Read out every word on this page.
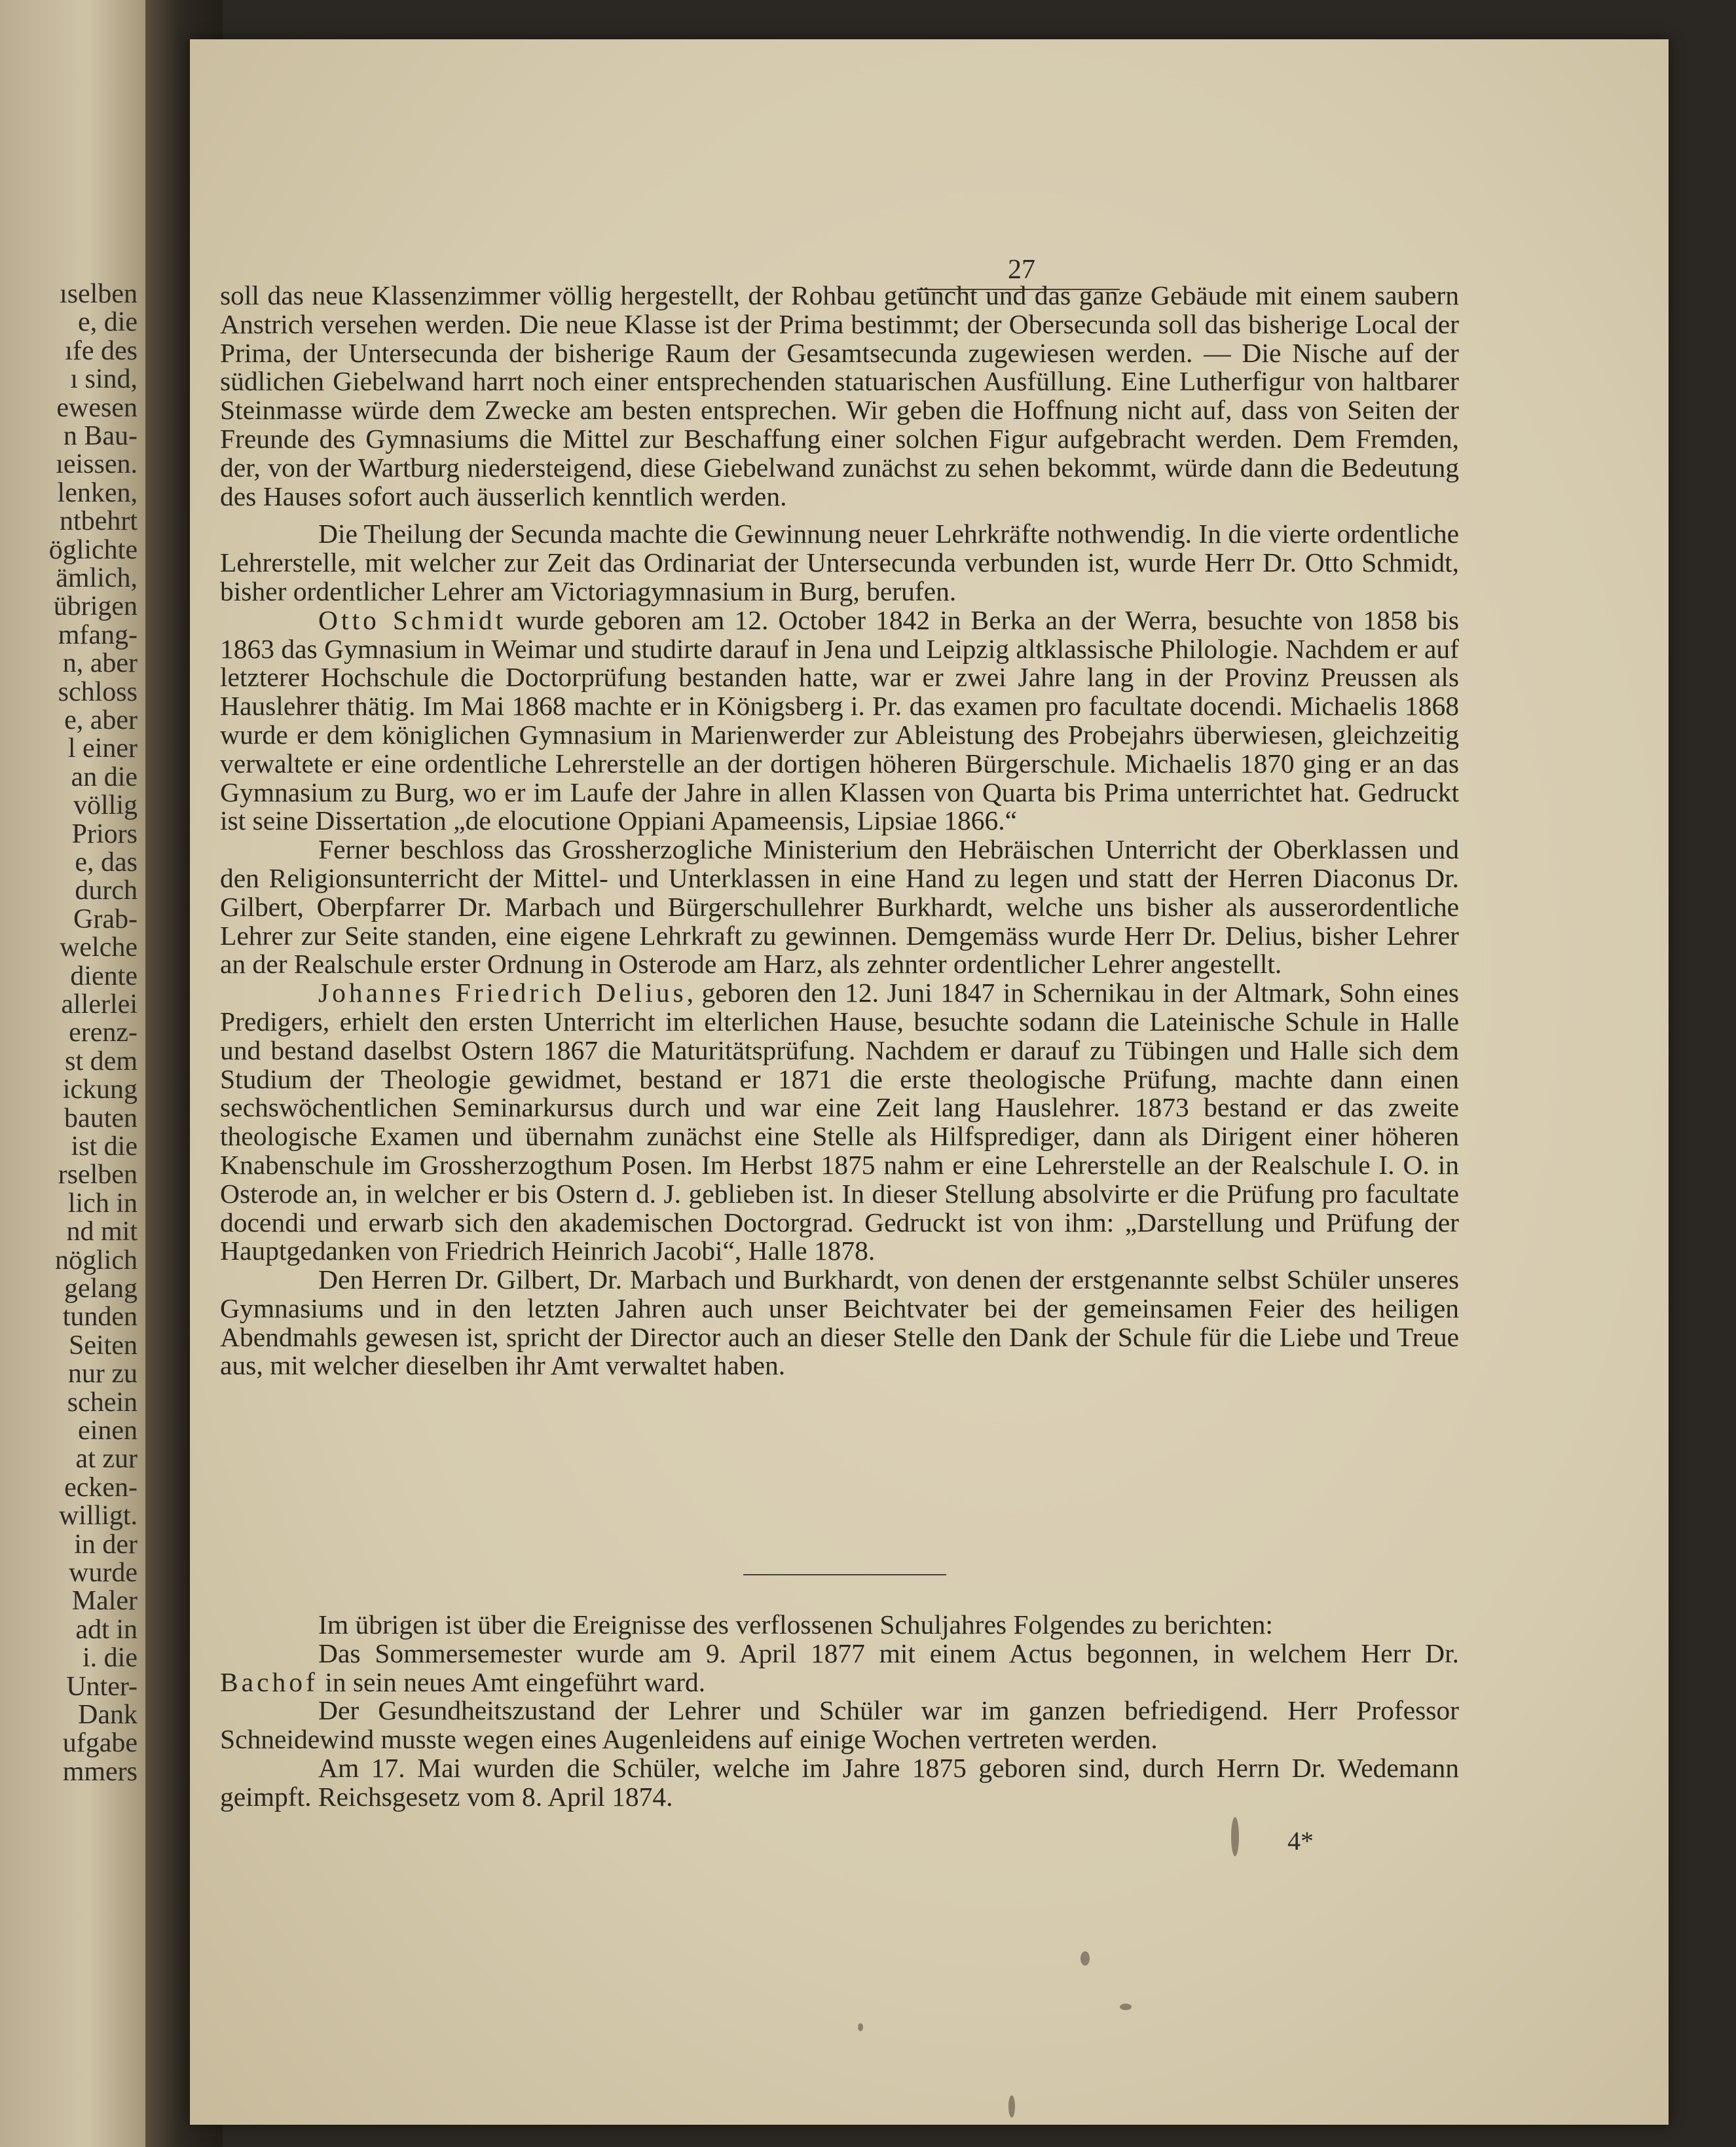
ıselben
e, die
ıfe des
ı sind,
ewesen
n Bau-
ıeissen.
lenken,
ntbehrt
öglichte
ämlich,
übrigen
mfang-
n, aber
schloss
e, aber
l einer
an die
völlig
Priors
e, das
durch
Grab-
welche
diente
allerlei
erenz-
st dem
ickung
bauten
ist die
rselben
lich in
nd mit
nöglich
gelang
tunden
Seiten
nur zu
schein
einen
at zur
ecken-
willigt.
in der
wurde
Maler
adt in
i. die
Unter-
Dank
ufgabe
mmers
27

soll das neue Klassenzimmer völlig hergestellt, der Rohbau getüncht und das ganze Gebäude mit einem saubern Anstrich versehen werden. Die neue Klasse ist der Prima bestimmt; der Obersecunda soll das bisherige Local der Prima, der Untersecunda der bisherige Raum der Gesamtsecunda zugewiesen werden. — Die Nische auf der südlichen Giebelwand harrt noch einer entsprechenden statuarischen Ausfüllung. Eine Lutherfigur von haltbarer Steinmasse würde dem Zwecke am besten entsprechen. Wir geben die Hoffnung nicht auf, dass von Seiten der Freunde des Gymnasiums die Mittel zur Beschaffung einer solchen Figur aufgebracht werden. Dem Fremden, der, von der Wartburg niedersteigend, diese Giebelwand zunächst zu sehen bekommt, würde dann die Bedeutung des Hauses sofort auch äusserlich kenntlich werden.

Die Theilung der Secunda machte die Gewinnung neuer Lehrkräfte nothwendig. In die vierte ordentliche Lehrerstelle, mit welcher zur Zeit das Ordinariat der Untersecunda verbunden ist, wurde Herr Dr. Otto Schmidt, bisher ordentlicher Lehrer am Victoriagymnasium in Burg, berufen.

Otto Schmidt wurde geboren am 12. October 1842 in Berka an der Werra, besuchte von 1858 bis 1863 das Gymnasium in Weimar und studirte darauf in Jena und Leipzig altklassische Philologie. Nachdem er auf letzterer Hochschule die Doctorprüfung bestanden hatte, war er zwei Jahre lang in der Provinz Preussen als Hauslehrer thätig. Im Mai 1868 machte er in Königsberg i. Pr. das examen pro facultate docendi. Michaelis 1868 wurde er dem königlichen Gymnasium in Marienwerder zur Ableistung des Probejahrs überwiesen, gleichzeitig verwaltete er eine ordentliche Lehrerstelle an der dortigen höheren Bürgerschule. Michaelis 1870 ging er an das Gymnasium zu Burg, wo er im Laufe der Jahre in allen Klassen von Quarta bis Prima unterrichtet hat. Gedruckt ist seine Dissertation „de elocutione Oppiani Apameensis, Lipsiae 1866.“

Ferner beschloss das Grossherzogliche Ministerium den Hebräischen Unterricht der Oberklassen und den Religionsunterricht der Mittel- und Unterklassen in eine Hand zu legen und statt der Herren Diaconus Dr. Gilbert, Oberpfarrer Dr. Marbach und Bürgerschullehrer Burkhardt, welche uns bisher als ausserordentliche Lehrer zur Seite standen, eine eigene Lehrkraft zu gewinnen. Demgemäss wurde Herr Dr. Delius, bisher Lehrer an der Realschule erster Ordnung in Osterode am Harz, als zehnter ordentlicher Lehrer angestellt.

Johannes Friedrich Delius, geboren den 12. Juni 1847 in Schernikau in der Altmark, Sohn eines Predigers, erhielt den ersten Unterricht im elterlichen Hause, besuchte sodann die Lateinische Schule in Halle und bestand daselbst Ostern 1867 die Maturitätsprüfung. Nachdem er darauf zu Tübingen und Halle sich dem Studium der Theologie gewidmet, bestand er 1871 die erste theologische Prüfung, machte dann einen sechswöchentlichen Seminarkursus durch und war eine Zeit lang Hauslehrer. 1873 bestand er das zweite theologische Examen und übernahm zunächst eine Stelle als Hilfsprediger, dann als Dirigent einer höheren Knabenschule im Grossherzogthum Posen. Im Herbst 1875 nahm er eine Lehrerstelle an der Realschule I. O. in Osterode an, in welcher er bis Ostern d. J. geblieben ist. In dieser Stellung absolvirte er die Prüfung pro facultate docendi und erwarb sich den akademischen Doctorgrad. Gedruckt ist von ihm: „Darstellung und Prüfung der Hauptgedanken von Friedrich Heinrich Jacobi“, Halle 1878.

Den Herren Dr. Gilbert, Dr. Marbach und Burkhardt, von denen der erstgenannte selbst Schüler unseres Gymnasiums und in den letzten Jahren auch unser Beichtvater bei der gemeinsamen Feier des heiligen Abendmahls gewesen ist, spricht der Director auch an dieser Stelle den Dank der Schule für die Liebe und Treue aus, mit welcher dieselben ihr Amt verwaltet haben.

Im übrigen ist über die Ereignisse des verflossenen Schuljahres Folgendes zu berichten:

Das Sommersemester wurde am 9. April 1877 mit einem Actus begonnen, in welchem Herr Dr. Bachof in sein neues Amt eingeführt ward.

Der Gesundheitszustand der Lehrer und Schüler war im ganzen befriedigend. Herr Professor Schneidewind musste wegen eines Augenleidens auf einige Wochen vertreten werden.

Am 17. Mai wurden die Schüler, welche im Jahre 1875 geboren sind, durch Herrn Dr. Wedemann geimpft. Reichsgesetz vom 8. April 1874.

4*
